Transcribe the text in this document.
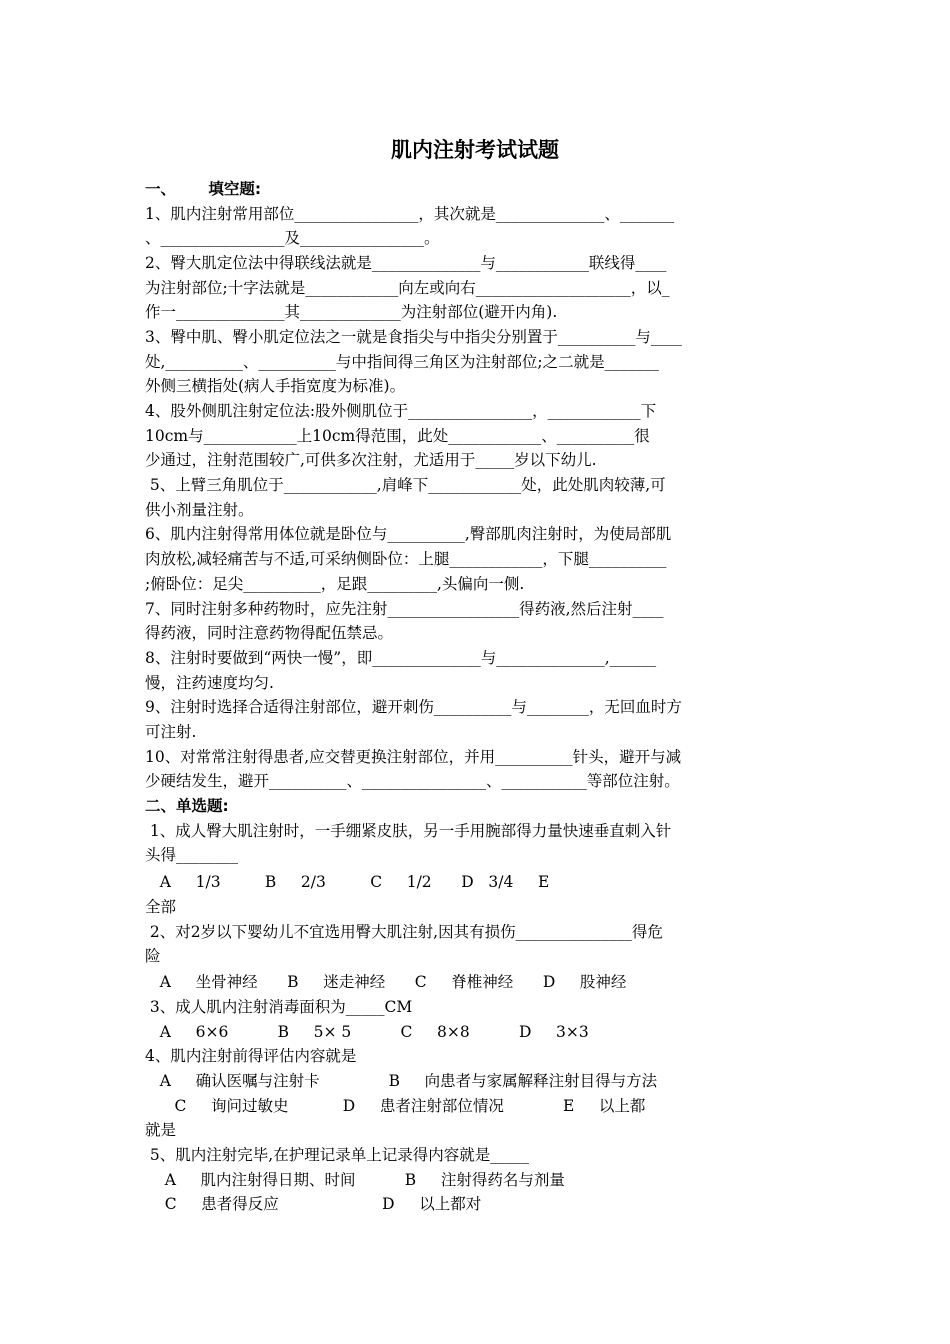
肌内注射考试试题
一、      填空题:
1、肌内注射常用部位________________，其次就是______________、_______
、________________及________________。
2、臀大肌定位法中得联线法就是______________与____________联线得____
为注射部位;十字法就是____________向左或向右____________________，以_
作一______________其_____________为注射部位(避开内角).
3、臀中肌、臀小肌定位法之一就是食指尖与中指尖分别置于__________与____
处,__________、__________与中指间得三角区为注射部位;之二就是_______
外侧三横指处(病人手指宽度为标准)。
4、股外侧肌注射定位法:股外侧肌位于________________，____________下
10cm与____________上10cm得范围，此处____________、__________很
少通过，注射范围较广,可供多次注射，尤适用于_____岁以下幼儿.
5、上臂三角肌位于____________,肩峰下____________处，此处肌肉较薄,可
供小剂量注射。
6、肌内注射得常用体位就是卧位与__________,臀部肌肉注射时，为使局部肌
肉放松,减轻痛苦与不适,可采纳侧卧位：上腿____________，下腿__________
;俯卧位：足尖__________，足跟_________,头偏向一侧.
7、同时注射多种药物时，应先注射_________________得药液,然后注射____
得药液，同时注意药物得配伍禁忌。
8、注射时要做到“两快一慢”，即______________与______________,______
慢，注药速度均匀.
9、注射时选择合适得注射部位，避开刺伤__________与________，无回血时方
可注射.
10、对常常注射得患者,应交替更换注射部位，并用__________针头，避开与减
少硬结发生，避开__________、________________、___________等部位注射。
二、单选题:
1、成人臀大肌注射时，一手绷紧皮肤，另一手用腕部得力量快速垂直刺入针
头得________
A     1/3         B     2/3         C     1/2      D   3/4     E
全部
2、对2岁以下婴幼儿不宜选用臀大肌注射,因其有损伤_______________得危
险
A     坐骨神经      B     迷走神经      C     脊椎神经      D     股神经
3、成人肌内注射消毒面积为_____CM
A     6×6          B     5× 5          C     8×8          D     3×3
4、肌内注射前得评估内容就是
A     确认医嘱与注射卡              B     向患者与家属解释注射目得与方法
C     询问过敏史           D     患者注射部位情况            E     以上都
就是
5、肌内注射完毕,在护理记录单上记录得内容就是_____
A     肌内注射得日期、时间          B     注射得药名与剂量
C     患者得反应                     D     以上都对
